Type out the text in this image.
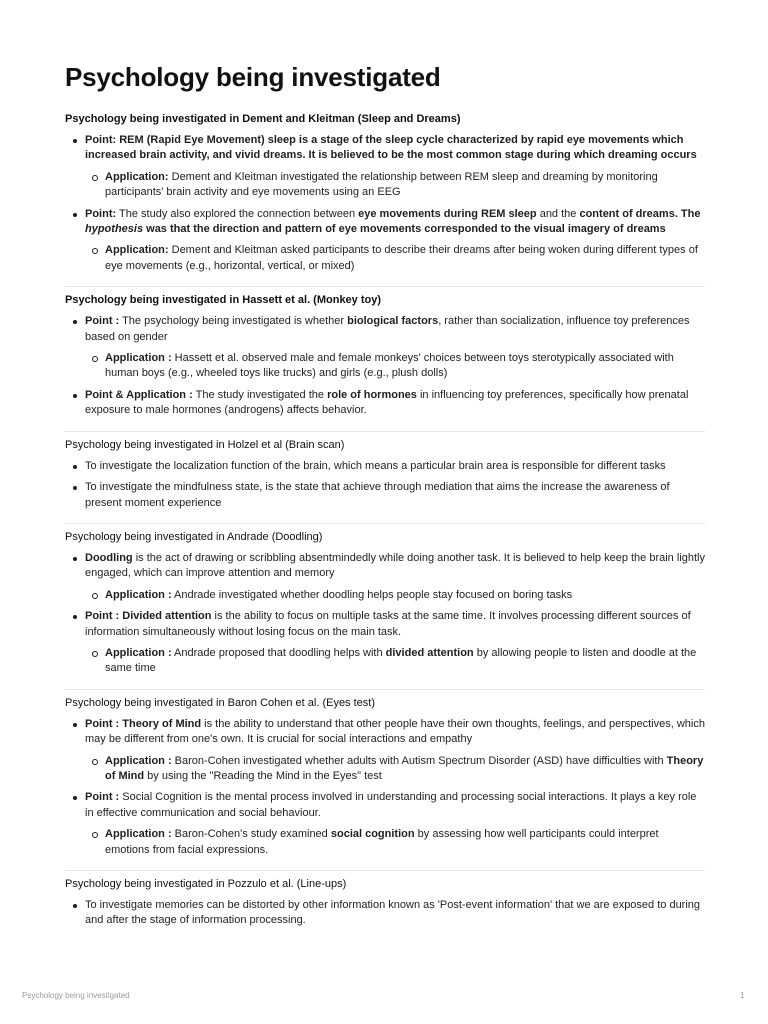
Psychology being investigated

Psychology being investigated in Dement and Kleitman (Sleep and Dreams)

Point: REM (Rapid Eye Movement) sleep is a stage of the sleep cycle characterized by rapid eye movements which increased brain activity, and vivid dreams. It is believed to be the most common stage during which dreaming occurs
Application: Dement and Kleitman investigated the relationship between REM sleep and dreaming by monitoring participants' brain activity and eye movements using an EEG
Point: The study also explored the connection between eye movements during REM sleep and the content of dreams. The hypothesis was that the direction and pattern of eye movements corresponded to the visual imagery of dreams
Application: Dement and Kleitman asked participants to describe their dreams after being woken during different types of eye movements (e.g., horizontal, vertical, or mixed)

Psychology being investigated in Hassett et al. (Monkey toy)

Point : The psychology being investigated is whether biological factors, rather than socialization, influence toy preferences based on gender
Application : Hassett et al. observed male and female monkeys' choices between toys sterotypically associated with human boys (e.g., wheeled toys like trucks) and girls (e.g., plush dolls)
Point & Application : The study investigated the role of hormones in influencing toy preferences, specifically how prenatal exposure to male hormones (androgens) affects behavior.

Psychology being investigated in Holzel et al (Brain scan)

To investigate the localization function of the brain, which means a particular brain area is responsible for different tasks
To investigate the mindfulness state, is the state that achieve through mediation that aims the increase the awareness of present moment experience

Psychology being investigated in Andrade (Doodling)

Doodling is the act of drawing or scribbling absentmindedly while doing another task. It is believed to help keep the brain lightly engaged, which can improve attention and memory
Application : Andrade investigated whether doodling helps people stay focused on boring tasks
Point : Divided attention is the ability to focus on multiple tasks at the same time. It involves processing different sources of information simultaneously without losing focus on the main task.
Application : Andrade proposed that doodling helps with divided attention by allowing people to listen and doodle at the same time

Psychology being investigated in Baron Cohen et al. (Eyes test)

Point : Theory of Mind is the ability to understand that other people have their own thoughts, feelings, and perspectives, which may be different from one's own. It is crucial for social interactions and empathy
Application : Baron-Cohen investigated whether adults with Autism Spectrum Disorder (ASD) have difficulties with Theory of Mind by using the "Reading the Mind in the Eyes" test
Point : Social Cognition is the mental process involved in understanding and processing social interactions. It plays a key role in effective communication and social behaviour.
Application : Baron-Cohen's study examined social cognition by assessing how well participants could interpret emotions from facial expressions.

Psychology being investigated in Pozzulo et al. (Line-ups)

To investigate memories can be distorted by other information known as 'Post-event information' that we are exposed to during and after the stage of information processing.
Psychology being investigated	1
